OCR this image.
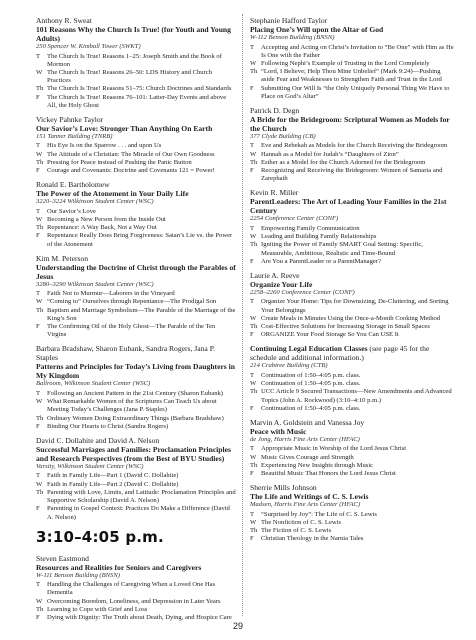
Anthony R. Sweat
101 Reasons Why the Church Is True! (for Youth and Young Adults)
250 Spencer W. Kimball Tower (SWKT)
T	The Church Is True! Reasons 1–25: Joseph Smith and the Book of Mormon
W The Church Is True! Reasons 26–50: LDS History and Church Practices
Th The Church Is True! Reasons 51–75: Church Doctrines and Standards
F	The Church Is True! Reasons 76–101: Latter-Day Events and above All, the Holy Ghost
Vickey Pahnke Taylor
Our Savior’s Love: Stronger Than Anything On Earth
151 Tanner Building (TNRB)
T	His Eye Is on the Sparrow . . . and upon Us
W The Attitude of a Christian: The Miracle of Our Own Goodness
Th Pressing for Peace instead of Pushing the Panic Button
F	Courage and Covenants: Doctrine and Covenants 121 = Power!
Ronald E. Bartholomew
The Power of the Atonement in Your Daily Life
3220–3224 Wilkinson Student Center (WSC)
T	Our Savior’s Love
W Becoming a New Person from the Inside Out
Th Repentance: A Way Back, Not a Way Out
F	Repentance Really Does Bring Forgiveness: Satan’s Lie vs. the Power of the Atonement
Kim M. Peterson
Understanding the Doctrine of Christ through the Parables of Jesus
3280–3290 Wilkinson Student Center (WSC)
T	Faith Not to Murmur—Laborers in the Vineyard
W “Coming to” Ourselves through Repentance—The Prodigal Son
Th Baptism and Marriage Symbolism—The Parable of the Marriage of the King’s Son
F	The Confirming Oil of the Holy Ghost—The Parable of the Ten Virgins
Barbara Bradshaw, Sharon Eubank, Sandra Rogers, Jana P. Staples
Patterns and Principles for Today’s Living from Daughters in My Kingdom
Ballroom, Wilkinson Student Center (WSC)
T	Following an Ancient Pattern in the 21st Century (Sharon Eubank)
W What Remarkable Women of the Scriptures Can Teach Us about Meeting Today’s Challenges (Jana P. Staples)
Th Ordinary Women Doing Extraordinary Things (Barbara Bradshaw)
F	Binding Our Hearts to Christ (Sandra Rogers)
David C. Dollahite and David A. Nelson
Successful Marriages and Families: Proclamation Principles and Research Perspectives (from the Best of BYU Studies)
Varsity, Wilkinson Student Center (WSC)
T	Faith in Family Life—Part 1 (David C. Dollahite)
W Faith in Family Life—Part 2 (David C. Dollahite)
Th Parenting with Love, Limits, and Latitude: Proclamation Principles and Supportive Scholarship (David A. Nelson)
F	Parenting in Gospel Context: Practices Do Make a Difference (David A. Nelson)
3:10–4:05 p.m.
Steven Eastmond
Resources and Realities for Seniors and Caregivers
W-111 Benson Building (BNSN)
T	Handling the Challenges of Caregiving When a Loved One Has Dementia
W Overcoming Boredom, Loneliness, and Depression in Later Years
Th Learning to Cope with Grief and Loss
F	Dying with Dignity: The Truth about Death, Dying, and Hospice Care
Stephanie Hafford Taylor
Placing One’s Will upon the Altar of God
W-112 Benson Building (BNSN)
T	Accepting and Acting on Christ’s Invitation to “Be One” with Him as He Is One with the Father
W Following Nephi’s Example of Trusting in the Lord Completely
Th “Lord, I Believe; Help Thou Mine Unbelief” (Mark 9:24)—Pushing aside Fear and Weaknesses to Strengthen Faith and Trust in the Lord
F	Submitting Our Will Is “the Only Uniquely Personal Thing We Have to Place on God’s Altar”
Patrick D. Degn
A Bride for the Bridegroom: Scriptural Women as Models for the Church
377 Clyde Building (CB)
T	Eve and Rebekah as Models for the Church Receiving the Bridegroom
W Hannah as a Model for Judah’s “Daughters of Zion”
Th Esther as a Model for the Church Adorned for the Bridegroom
F	Recognizing and Receiving the Bridegroom: Women of Samaria and Zarephath
Kevin R. Miller
ParentLeaders: The Art of Leading Your Families in the 21st Century
2254 Conference Center (CONF)
T	Empowering Family Communication
W Leading and Building Family Relationships
Th Igniting the Power of Family SMART Goal Setting: Specific, Measurable, Ambitious, Realistic and Time-Bound
F	Are You a ParentLeader or a ParentManager?
Laurie A. Reeve
Organize Your Life
2258–2260 Conference Center (CONF)
T	Organize Your Home: Tips for Downsizing, De-Cluttering, and Sorting Your Belongings
W Create Meals in Minutes Using the Once-a-Month Cooking Method
Th Cost-Effective Solutions for Increasing Storage in Small Spaces
F	ORGANIZE Your Food Storage So You Can USE It
Continuing Legal Education Classes (see page 45 for the schedule and additional information.)
214 Crabtree Building (CTB)
T	Continuation of 1:50–4:05 p.m. class.
W Continuation of 1:50–4:05 p.m. class.
Th UCC Article 9 Secured Transactions—New Amendments and Advanced Topics (John A. Rockwood) (3:10–4:10 p.m.)
F	Continuation of 1:50–4:05 p.m. class.
Marvin A. Goldstein and Vanessa Joy
Peace with Music
de Jong, Harris Fine Arts Center (HFAC)
T	Appropriate Music in Worship of the Lord Jesus Christ
W Music Gives Courage and Strength
Th Experiencing New Insights through Music
F	Beautiful Music That Honors the Lord Jesus Christ
Sherrie Mills Johnson
The Life and Writings of C. S. Lewis
Madsen, Harris Fine Arts Center (HFAC)
T	“Surprised by Joy”: The Life of C. S. Lewis
W The Nonfiction of C. S. Lewis
Th The Fiction of C. S. Lewis
F	Christian Theology in the Narnia Tales
29
